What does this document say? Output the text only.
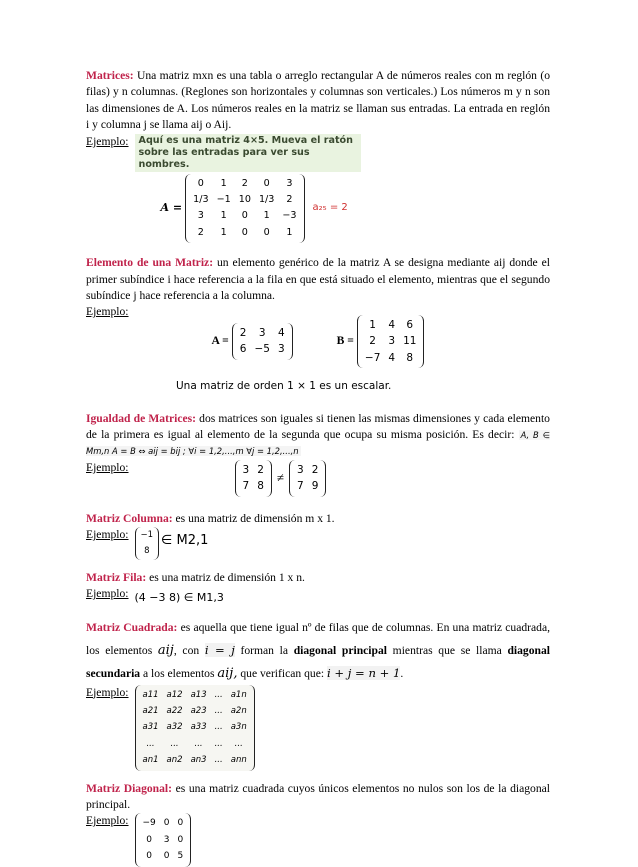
Matrices: Una matriz mxn es una tabla o arreglo rectangular A de números reales con m reglón (o filas) y n columnas. (Reglones son horizontales y columnas son verticales.) Los números m y n son las dimensiones de A. Los números reales en la matriz se llaman sus entradas. La entrada en reglón i y columna j se llama aij o Aij.

Ejemplo:	Aquí es una matriz 4×5. Mueva el ratón sobre las entradas para ver sus nombres.
A =
0	1	2	0	3
1/3	−1	10	1/3	2
3	1	0	1	−3
2	1	0	0	1
a₂₅ = 2

Elemento de una Matriz: un elemento genérico de la matriz A se designa mediante aij donde el primer subíndice i hace referencia a la fila en que está situado el elemento, mientras que el segundo subíndice j hace referencia a la columna.

Ejemplo:
A =
2	3	4
6	−5	3
B =
1	4	6
2	3	11
−7	4	8
Una matriz de orden 1 × 1 es un escalar.

Igualdad de Matrices: dos matrices son iguales si tienen las mismas dimensiones y cada elemento de la primera es igual al elemento de la segunda que ocupa su misma posición. Es decir: A, B ∈ Mm,n A = B ⇔ aij = bij ; ∀i = 1,2,...,m ∀j = 1,2,...,n

Ejemplo:	3	2
7	8
≠
3	2
7	9

Matriz Columna: es una matriz de dimensión m x 1.

Ejemplo: −1
8
∈ M2,1

Matriz Fila: es una matriz de dimensión 1 x n.

Ejemplo: (4 −3 8) ∈ M1,3

Matriz Cuadrada: es aquella que tiene igual nº de filas que de columnas. En una matriz cuadrada, los elementos aij, con i = j forman la diagonal principal mientras que se llama diagonal secundaria a los elementos aij, que verifican que: i + j = n + 1.

Ejemplo: a11	a12	a13	...	a1n
a21	a22	a23	...	a2n
a31	a32	a33	...	a3n
...	...	...	...	...
an1	an2	an3	...	ann

Matriz Diagonal: es una matriz cuadrada cuyos únicos elementos no nulos son los de la diagonal principal.

Ejemplo: −9	0	0
0	3	0
0	0	5
